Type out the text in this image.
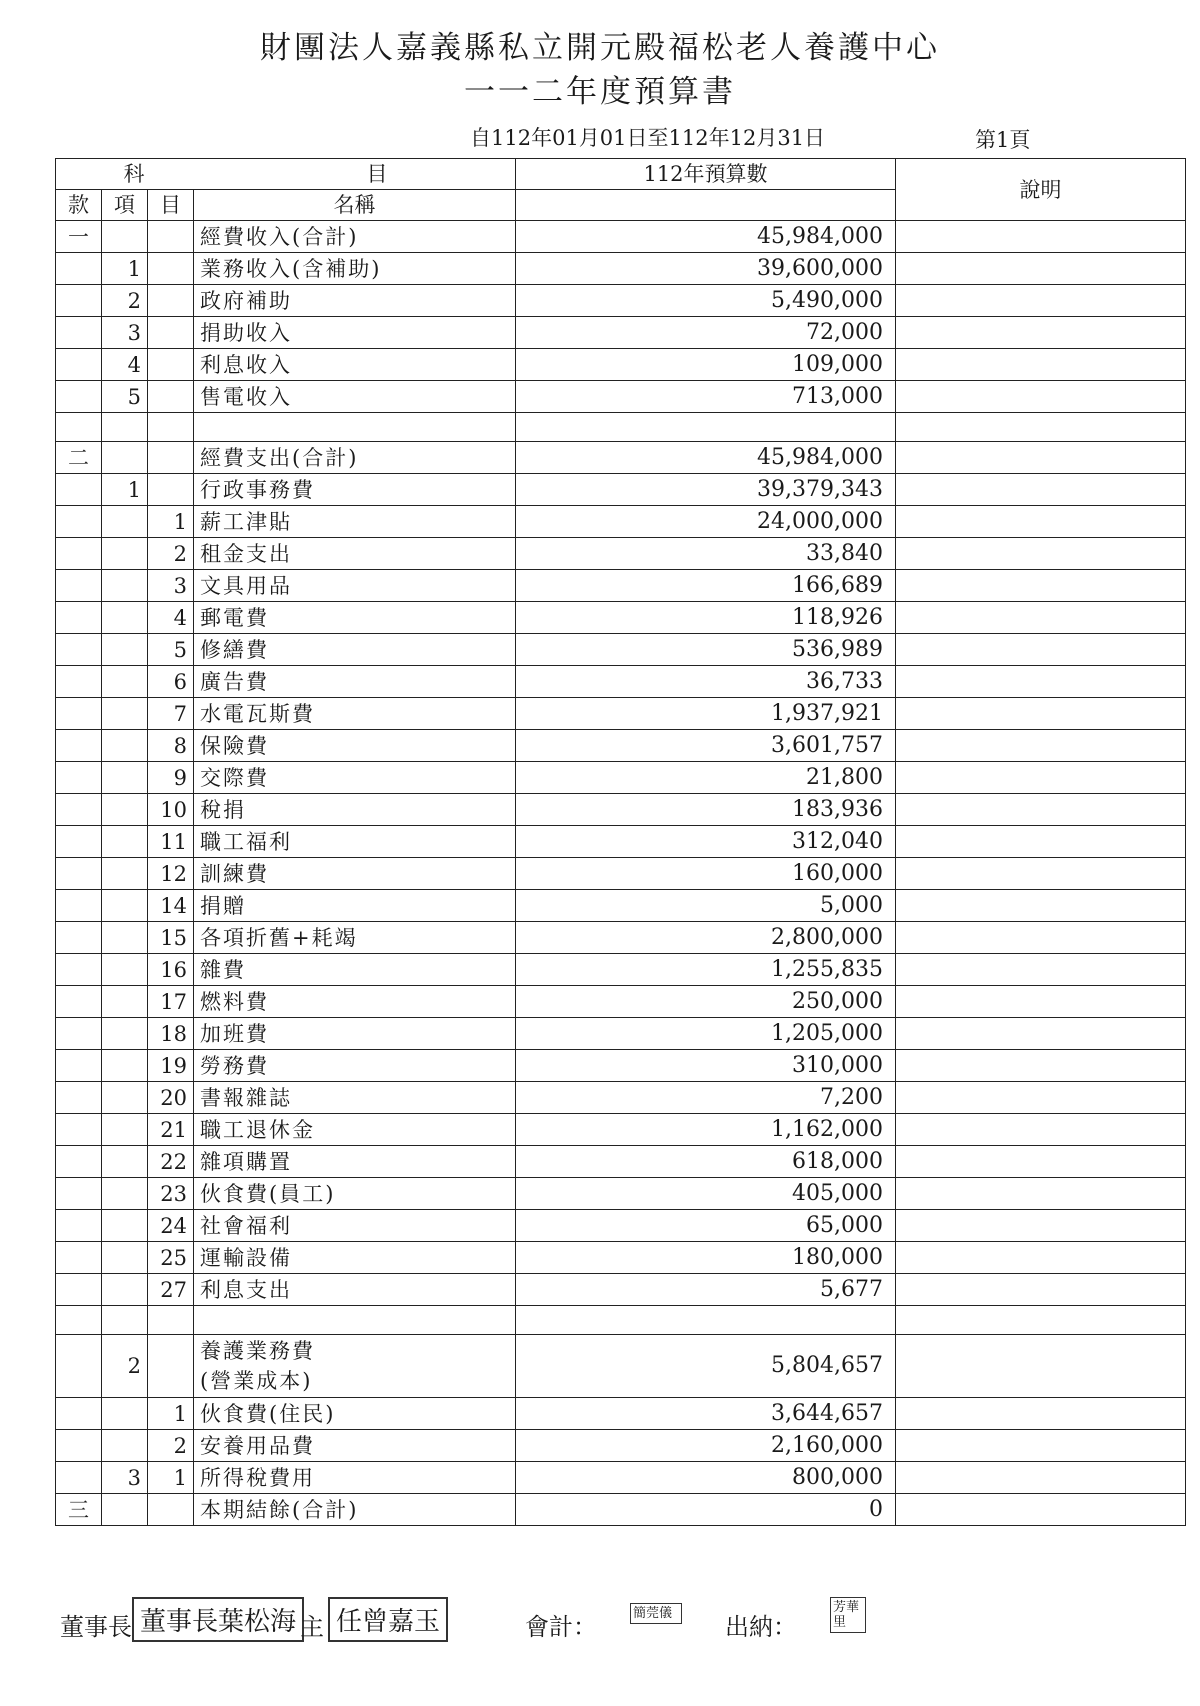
財團法人嘉義縣私立開元殿福松老人養護中心
一一二年度預算書
自112年01月01日至112年12月31日	第1頁
科　　目				112年預算數	說明
款	項	目	名稱		
一			經費收入(合計)	45,984,000	
	1		業務收入(含補助)	39,600,000	
	2		政府補助	5,490,000	
	3		捐助收入	72,000	
	4		利息收入	109,000	
	5		售電收入	713,000	

二			經費支出(合計)	45,984,000	
	1		行政事務費	39,379,343	
		1	薪工津貼	24,000,000	
		2	租金支出	33,840	
		3	文具用品	166,689	
		4	郵電費	118,926	
		5	修繕費	536,989	
		6	廣告費	36,733	
		7	水電瓦斯費	1,937,921	
		8	保險費	3,601,757	
		9	交際費	21,800	
		10	稅捐	183,936	
		11	職工福利	312,040	
		12	訓練費	160,000	
		14	捐贈	5,000	
		15	各項折舊+耗竭	2,800,000	
		16	雜費	1,255,835	
		17	燃料費	250,000	
		18	加班費	1,205,000	
		19	勞務費	310,000	
		20	書報雜誌	7,200	
		21	職工退休金	1,162,000	
		22	雜項購置	618,000	
		23	伙食費(員工)	405,000	
		24	社會福利	65,000	
		25	運輸設備	180,000	
		27	利息支出	5,677	

	2		養護業務費
(營業成本)	5,804,657	
		1	伙食費(住民)	3,644,657	
		2	安養用品費	2,160,000	
	3	1	所得稅費用	800,000	
三			本期結餘(合計)	0	
董事長 董事長葉松海 主 任曾嘉玉	會計：	簡莞儀	出納：
芳華里
